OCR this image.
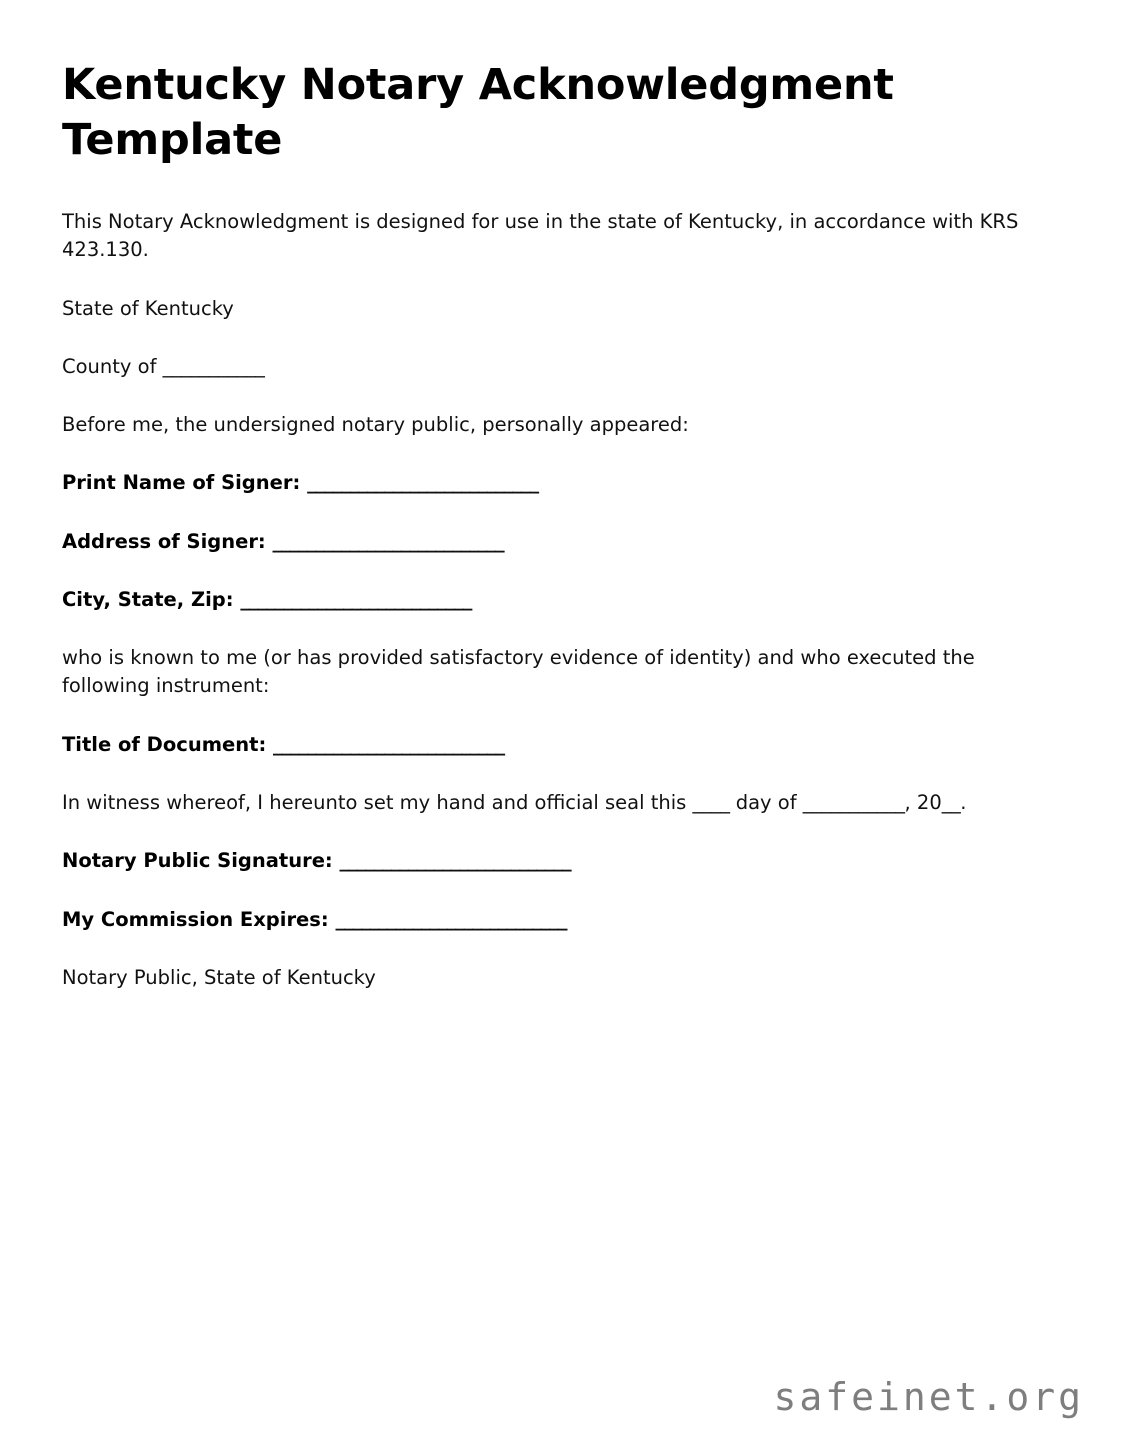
Kentucky Notary Acknowledgment Template

This Notary Acknowledgment is designed for use in the state of Kentucky, in accordance with KRS 423.130.

State of Kentucky

County of ___________

Before me, the undersigned notary public, personally appeared:

Print Name of Signer: ___________________________

Address of Signer: ___________________________

City, State, Zip: ___________________________

who is known to me (or has provided satisfactory evidence of identity) and who executed the following instrument:

Title of Document: ___________________________

In witness whereof, I hereunto set my hand and official seal this ____ day of ___________, 20__.

Notary Public Signature: ___________________________

My Commission Expires: ___________________________

Notary Public, State of Kentucky

safeinet.org
